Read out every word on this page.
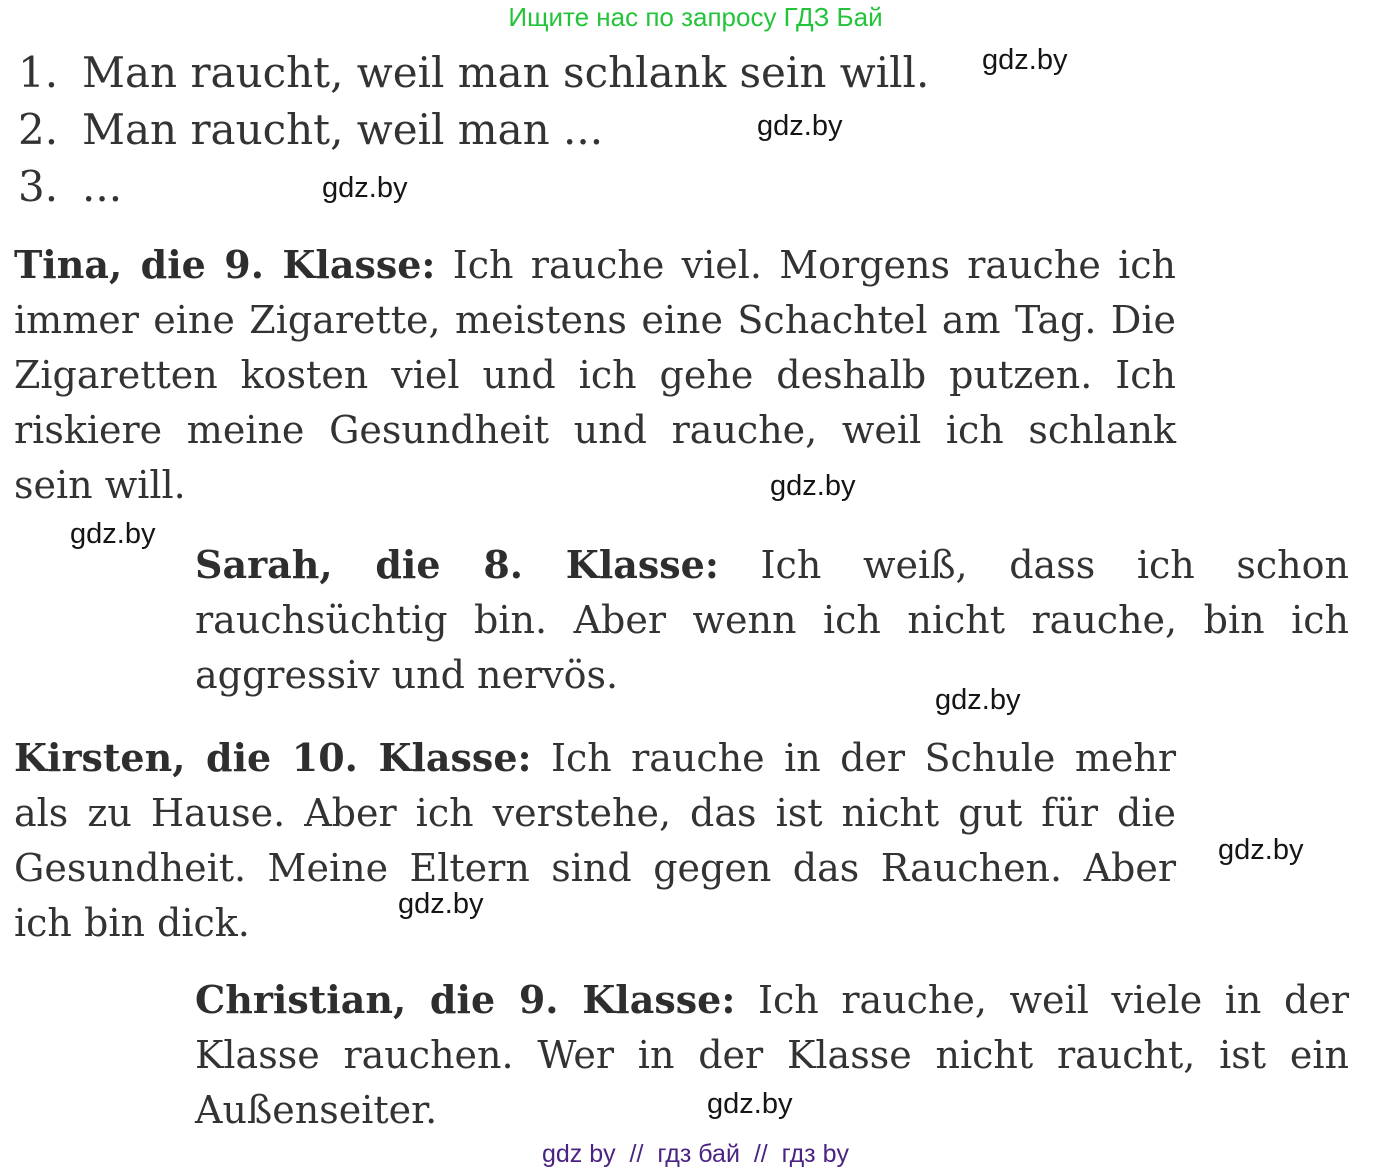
Ищите нас по запросу ГДЗ Бай
1. Man raucht, weil man schlank sein will.
2. Man raucht, weil man ...
3. ...
Tina, die 9. Klasse: Ich rauche viel. Morgens rauche ich immer eine Zigarette, meistens eine Schachtel am Tag. Die Zigaretten kosten viel und ich gehe deshalb putzen. Ich riskiere meine Gesundheit und rauche, weil ich schlank sein will.
Sarah, die 8. Klasse: Ich weiß, dass ich schon rauchsüchtig bin. Aber wenn ich nicht rauche, bin ich aggressiv und nervös.
Kirsten, die 10. Klasse: Ich rauche in der Schule mehr als zu Hause. Aber ich verstehe, das ist nicht gut für die Gesundheit. Meine Eltern sind gegen das Rauchen. Aber ich bin dick.
Christian, die 9. Klasse: Ich rauche, weil viele in der Klasse rauchen. Wer in der Klasse nicht raucht, ist ein Außenseiter.
gdz.by
gdz.by
gdz.by
gdz.by
gdz.by
gdz.by
gdz.by
gdz.by
gdz.by
gdz by  //  гдз бай  //  гдз by
